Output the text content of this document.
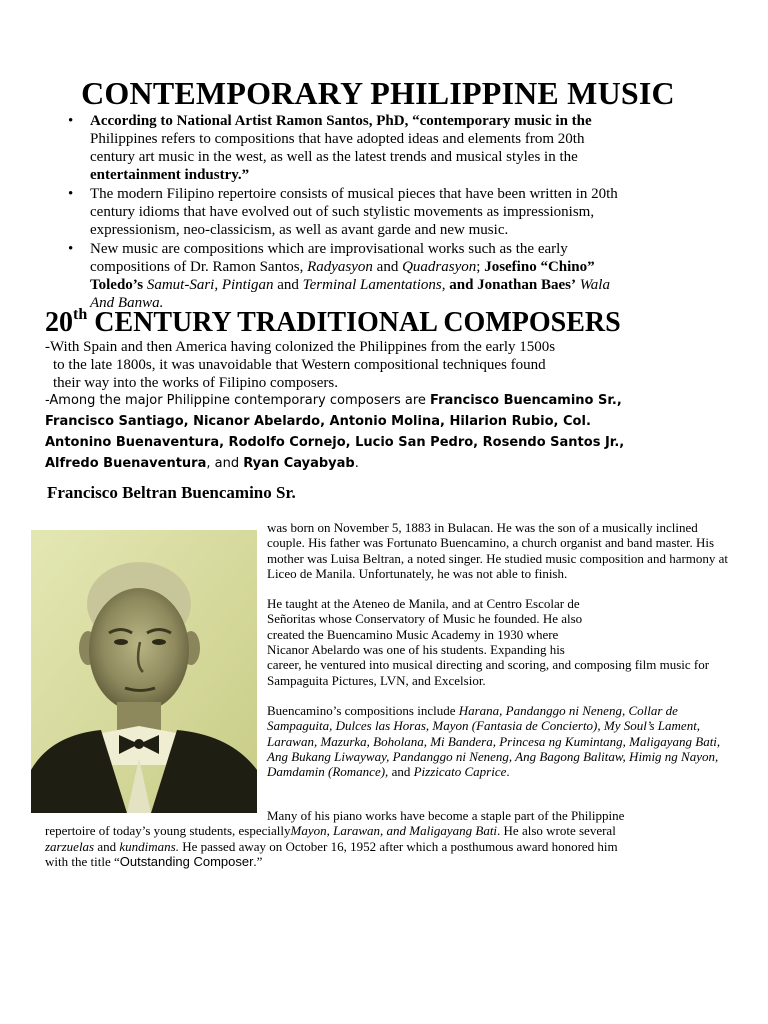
CONTEMPORARY PHILIPPINE MUSIC
• According to National Artist Ramon Santos, PhD, “contemporary music in the
Philippines refers to compositions that have adopted ideas and elements from 20th
century art music in the west, as well as the latest trends and musical styles in the
entertainment industry.”
• The modern Filipino repertoire consists of musical pieces that have been written in 20th
century idioms that have evolved out of such stylistic movements as impressionism,
expressionism, neo-classicism, as well as avant garde and new music.
• New music are compositions which are improvisational works such as the early
compositions of Dr. Ramon Santos, Radyasyon and Quadrasyon; Josefino “Chino”
Toledo’s Samut-Sari, Pintigan and Terminal Lamentations, and Jonathan Baes’ Wala
And Banwa.
20th CENTURY TRADITIONAL COMPOSERS

-With Spain and then America having colonized the Philippines from the early 1500s
to the late 1800s, it was unavoidable that Western compositional techniques found
their way into the works of Filipino composers.

-Among the major Philippine contemporary composers are Francisco Buencamino Sr.,
Francisco Santiago, Nicanor Abelardo, Antonio Molina, Hilarion Rubio, Col.
Antonino Buenaventura, Rodolfo Cornejo, Lucio San Pedro, Rosendo Santos Jr.,
Alfredo Buenaventura, and Ryan Cayabyab.

Francisco Beltran Buencamino Sr.

was born on November 5, 1883 in Bulacan. He was the son of a musically inclined couple. His father was Fortunato Buencamino, a church organist and band master. His mother was Luisa Beltran, a noted singer. He studied music composition and harmony at Liceo de Manila. Unfortunately, he was not able to finish.

He taught at the Ateneo de Manila, and at Centro Escolar de
Señoritas whose Conservatory of Music he founded. He also
created the Buencamino Music Academy in 1930 where
Nicanor Abelardo was one of his students. Expanding his
career, he ventured into musical directing and scoring, and composing film music for Sampaguita Pictures, LVN, and Excelsior.

Buencamino’s compositions include Harana, Pandanggo ni Neneng, Collar de Sampaguita, Dulces las Horas, Mayon (Fantasia de Concierto), My Soul’s Lament, Larawan, Mazurka, Boholana, Mi Bandera, Princesa ng Kumintang, Maligayang Bati, Ang Bukang Liwayway, Pandanggo ni Neneng, Ang Bagong Balitaw, Himig ng Nayon, Damdamin (Romance), and Pizzicato Caprice.

Many of his piano works have become a staple part of the Philippine
repertoire of today’s young students, especiallyMayon, Larawan, and Maligayang Bati. He also wrote several
zarzuelas and kundimans. He passed away on October 16, 1952 after which a posthumous award honored him
with the title “Outstanding Composer.”
